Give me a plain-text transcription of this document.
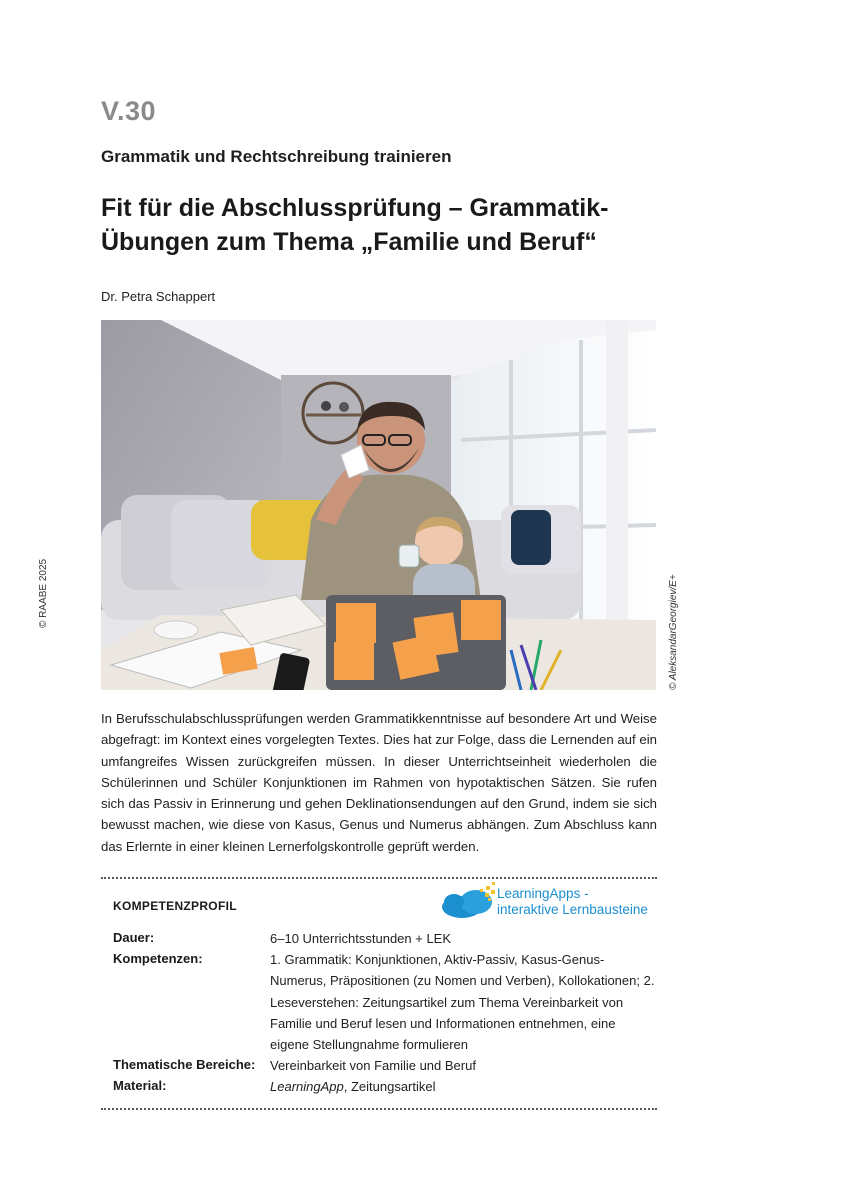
V.30
Grammatik und Rechtschreibung trainieren
Fit für die Abschlussprüfung – Grammatik-Übungen zum Thema „Familie und Beruf“
Dr. Petra Schappert
© AleksandarGeorgiev/E+
© RAABE 2025
In Berufsschulabschlussprüfungen werden Grammatikkenntnisse auf besondere Art und Weise abgefragt: im Kontext eines vorgelegten Textes. Dies hat zur Folge, dass die Lernenden auf ein umfangreifes Wissen zurückgreifen müssen. In dieser Unterrichtseinheit wiederholen die Schülerinnen und Schüler Konjunktionen im Rahmen von hypotaktischen Sätzen. Sie rufen sich das Passiv in Erinnerung und gehen Deklinationsendungen auf den Grund, indem sie sich bewusst machen, wie diese von Kasus, Genus und Numerus abhängen. Zum Abschluss kann das Erlernte in einer kleinen Lernerfolgskontrolle geprüft werden.
KOMPETENZPROFIL
LearningApps -
interaktive Lernbausteine
Dauer:	6–10 Unterrichtsstunden + LEK
Kompetenzen:	1. Grammatik: Konjunktionen, Aktiv-Passiv, Kasus-Genus-Numerus, Präpositionen (zu Nomen und Verben), Kollokationen; 2. Leseverstehen: Zeitungsartikel zum Thema Vereinbarkeit von Familie und Beruf lesen und Informationen entnehmen, eine eigene Stellungnahme formulieren
Thematische Bereiche: Vereinbarkeit von Familie und Beruf
Material:	LearningApp, Zeitungsartikel
